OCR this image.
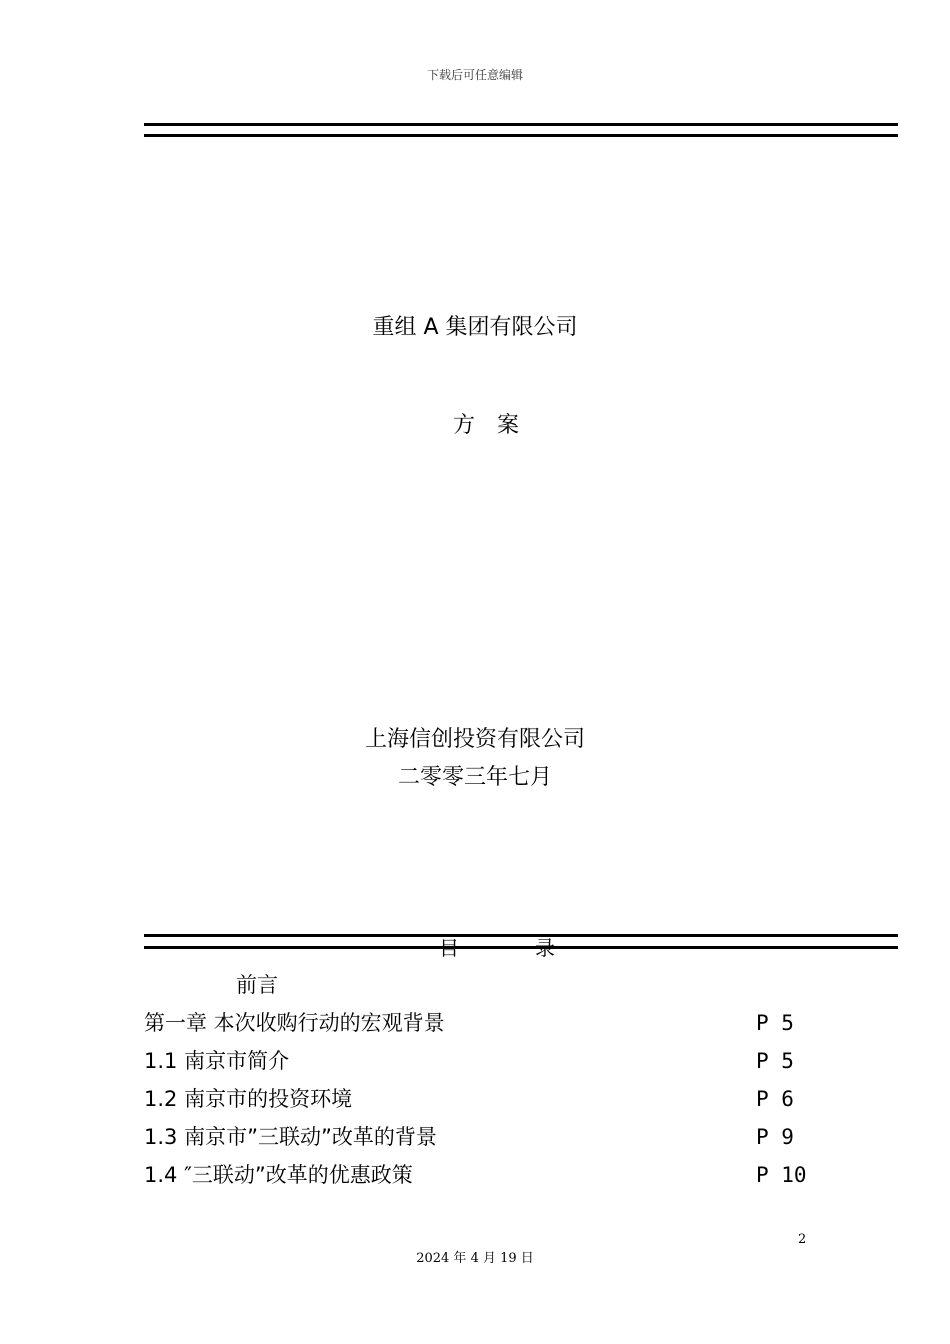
下载后可任意编辑
重组 A 集团有限公司
方案
上海信创投资有限公司
二零零三年七月
目录
前言
第一章 本次收购行动的宏观背景	P 5
1.1 南京市简介	P 5
1.2 南京市的投资环境	P 6
1.3 南京市”三联动”改革的背景	P 9
1.4 ″三联动”改革的优惠政策	P 10
2
2024 年 4 月 19 日
